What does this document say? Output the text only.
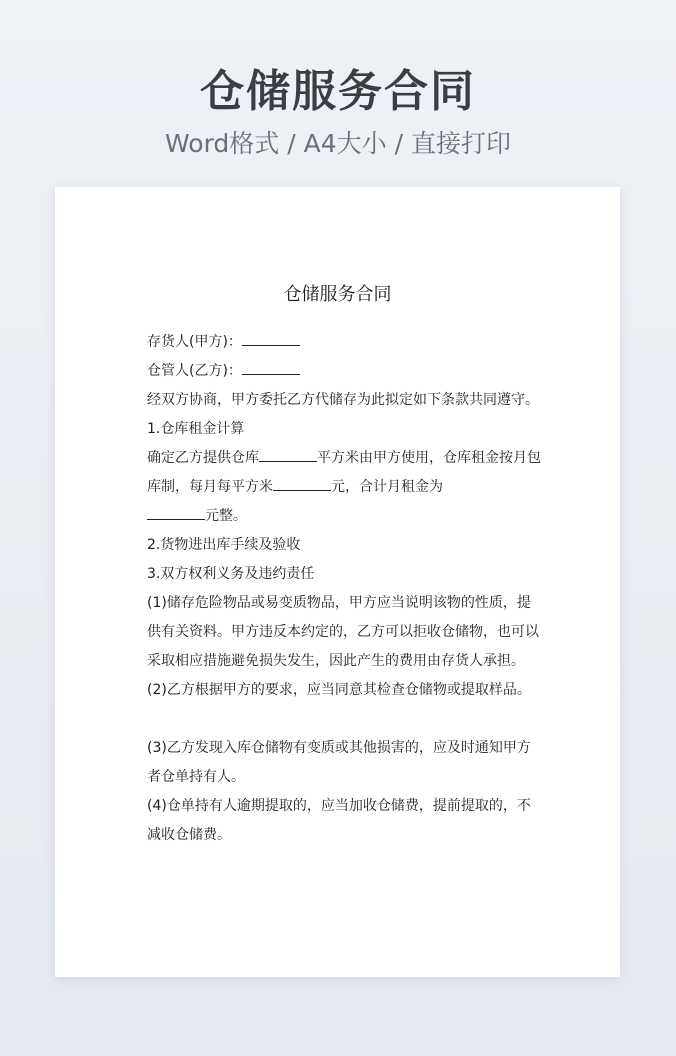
仓储服务合同
Word格式 / A4大小 / 直接打印
仓储服务合同

存货人(甲方)：

仓管人(乙方)：

经双方协商，甲方委托乙方代储存为此拟定如下条款共同遵守。

1.仓库租金计算

确定乙方提供仓库	平方米由甲方使用，仓库租金按月包库制，每月每平方米	元，合计月租金为
元整。

2.货物进出库手续及验收

3.双方权利义务及违约责任

(1)储存危险物品或易变质物品，甲方应当说明该物的性质，提供有关资料。甲方违反本约定的，乙方可以拒收仓储物，也可以采取相应措施避免损失发生，因此产生的费用由存货人承担。

(2)乙方根据甲方的要求，应当同意其检查仓储物或提取样品。

(3)乙方发现入库仓储物有变质或其他损害的，应及时通知甲方者仓单持有人。

(4)仓单持有人逾期提取的，应当加收仓储费，提前提取的，不减收仓储费。
